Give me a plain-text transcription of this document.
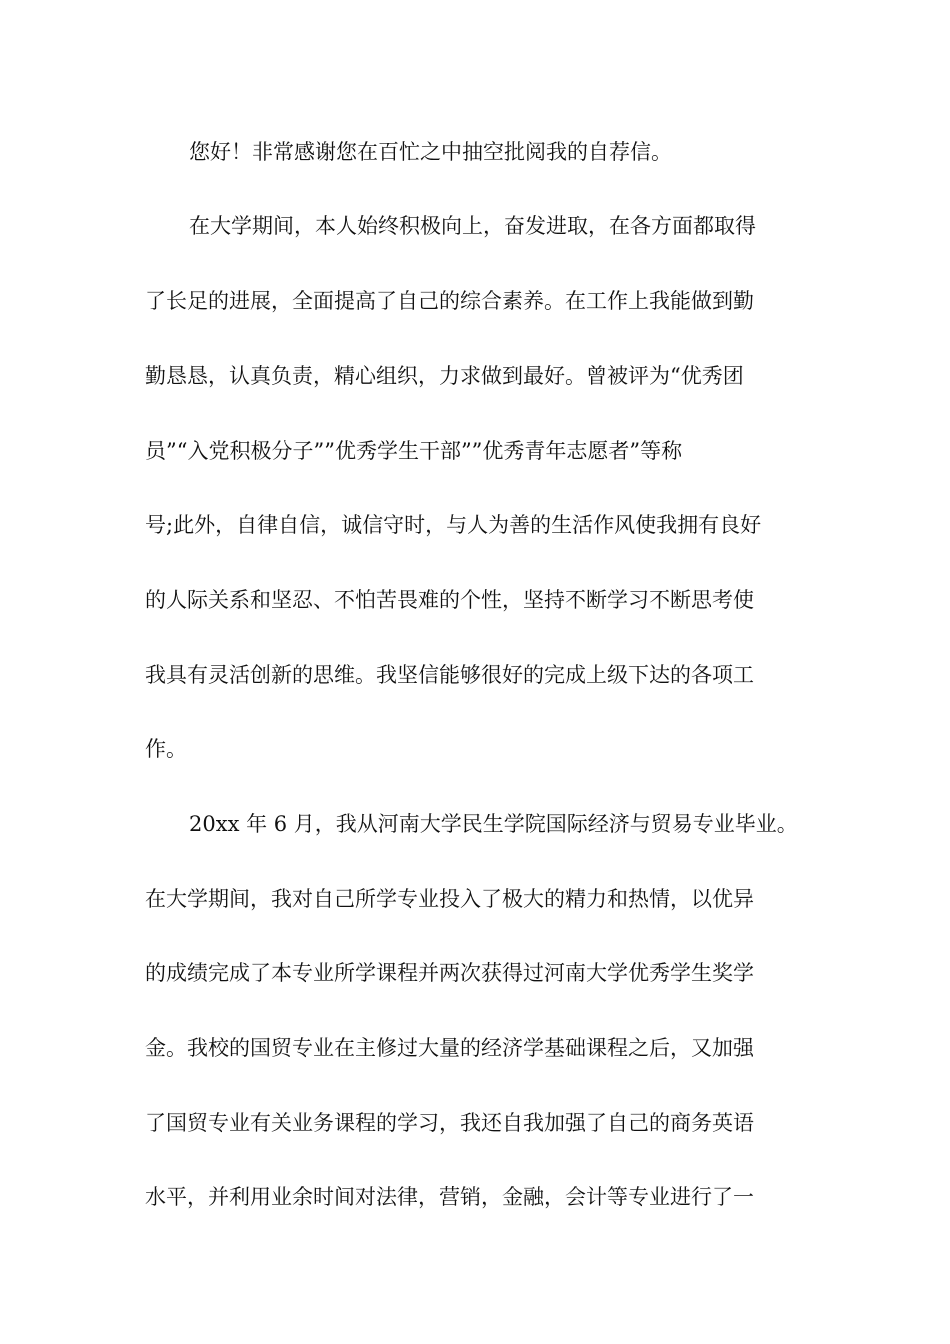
您好！非常感谢您在百忙之中抽空批阅我的自荐信。

在大学期间，本人始终积极向上，奋发进取，在各方面都取得

了长足的进展，全面提高了自己的综合素养。在工作上我能做到勤

勤恳恳，认真负责，精心组织，力求做到最好。曾被评为“优秀团

员”“入党积极分子””优秀学生干部””优秀青年志愿者”等称

号;此外，自律自信，诚信守时，与人为善的生活作风使我拥有良好

的人际关系和坚忍、不怕苦畏难的个性，坚持不断学习不断思考使

我具有灵活创新的思维。我坚信能够很好的完成上级下达的各项工

作。

20xx 年 6 月，我从河南大学民生学院国际经济与贸易专业毕业。

在大学期间，我对自己所学专业投入了极大的精力和热情，以优异

的成绩完成了本专业所学课程并两次获得过河南大学优秀学生奖学

金。我校的国贸专业在主修过大量的经济学基础课程之后，又加强

了国贸专业有关业务课程的学习，我还自我加强了自己的商务英语

水平，并利用业余时间对法律，营销，金融，会计等专业进行了一
